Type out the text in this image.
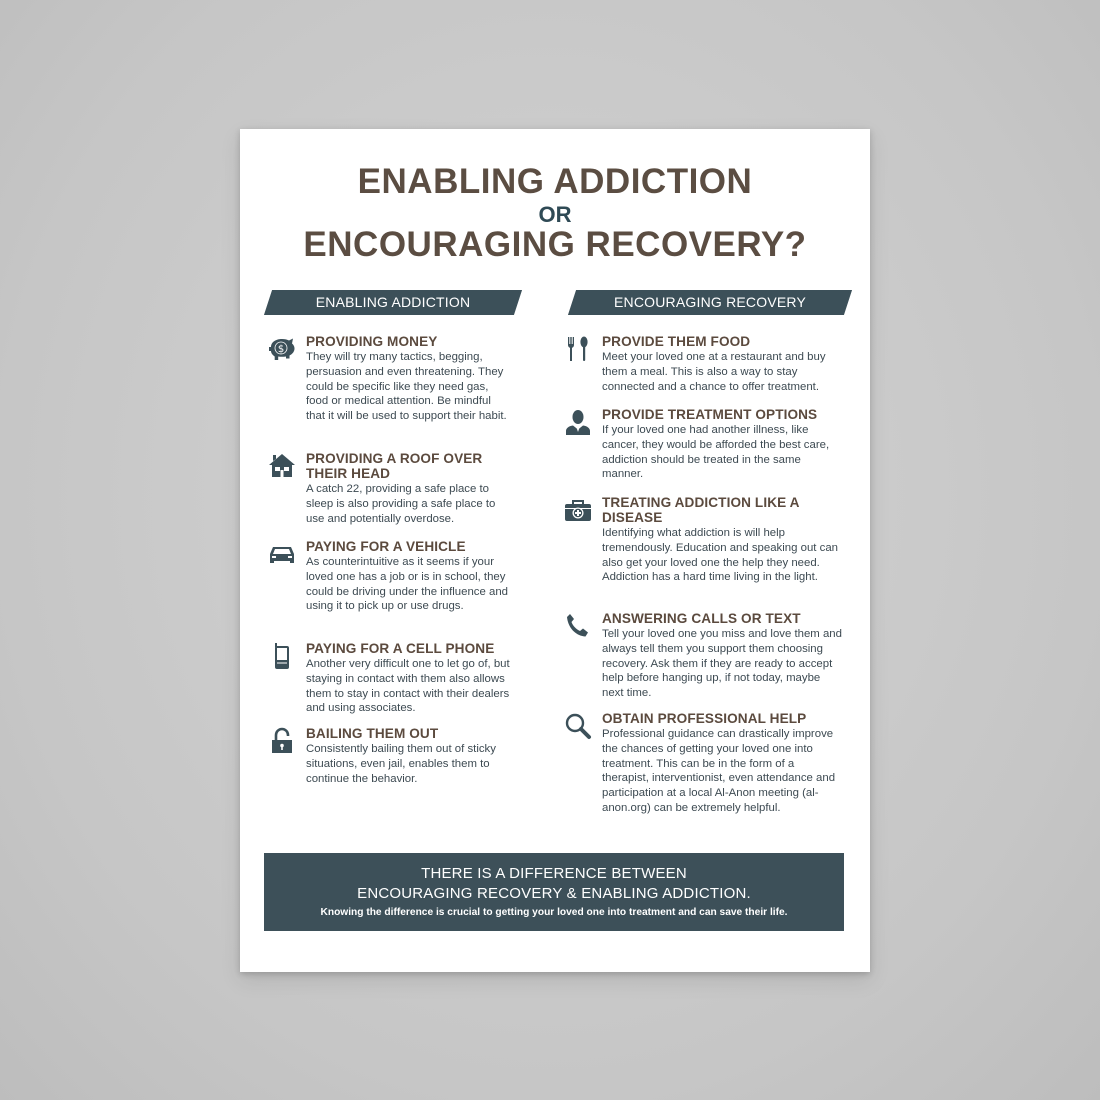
ENABLING ADDICTION
OR
ENCOURAGING RECOVERY?
ENABLING ADDICTION	ENCOURAGING RECOVERY
$
PROVIDING MONEY

They will try many tactics, begging, persuasion and even threatening. They could be specific like they need gas, food or medical attention. Be mindful that it will be used to support their habit.

PROVIDING A ROOF OVER THEIR HEAD

A catch 22, providing a safe place to sleep is also providing a safe place to use and potentially overdose.

PAYING FOR A VEHICLE

As counterintuitive as it seems if your loved one has a job or is in school, they could be driving under the influence and using it to pick up or use drugs.

PAYING FOR A CELL PHONE

Another very difficult one to let go of, but staying in contact with them also allows them to stay in contact with their dealers and using associates.

BAILING THEM OUT

Consistently bailing them out of sticky situations, even jail, enables them to continue the behavior.

PROVIDE THEM FOOD

Meet your loved one at a restaurant and buy them a meal. This is also a way to stay connected and a chance to offer treatment.

PROVIDE TREATMENT OPTIONS

If your loved one had another illness, like cancer, they would be afforded the best care, addiction should be treated in the same manner.

TREATING ADDICTION LIKE A DISEASE

Identifying what addiction is will help tremendously. Education and speaking out can also get your loved one the help they need. Addiction has a hard time living in the light.

ANSWERING CALLS OR TEXT

Tell your loved one you miss and love them and always tell them you support them choosing recovery. Ask them if they are ready to accept help before hanging up, if not today, maybe next time.

OBTAIN PROFESSIONAL HELP

Professional guidance can drastically improve the chances of getting your loved one into treatment. This can be in the form of a therapist, interventionist, even attendance and participation at a local Al-Anon meeting (al-anon.org) can be extremely helpful.

THERE IS A DIFFERENCE BETWEEN
ENCOURAGING RECOVERY & ENABLING ADDICTION.
Knowing the difference is crucial to getting your loved one into treatment and can save their life.
